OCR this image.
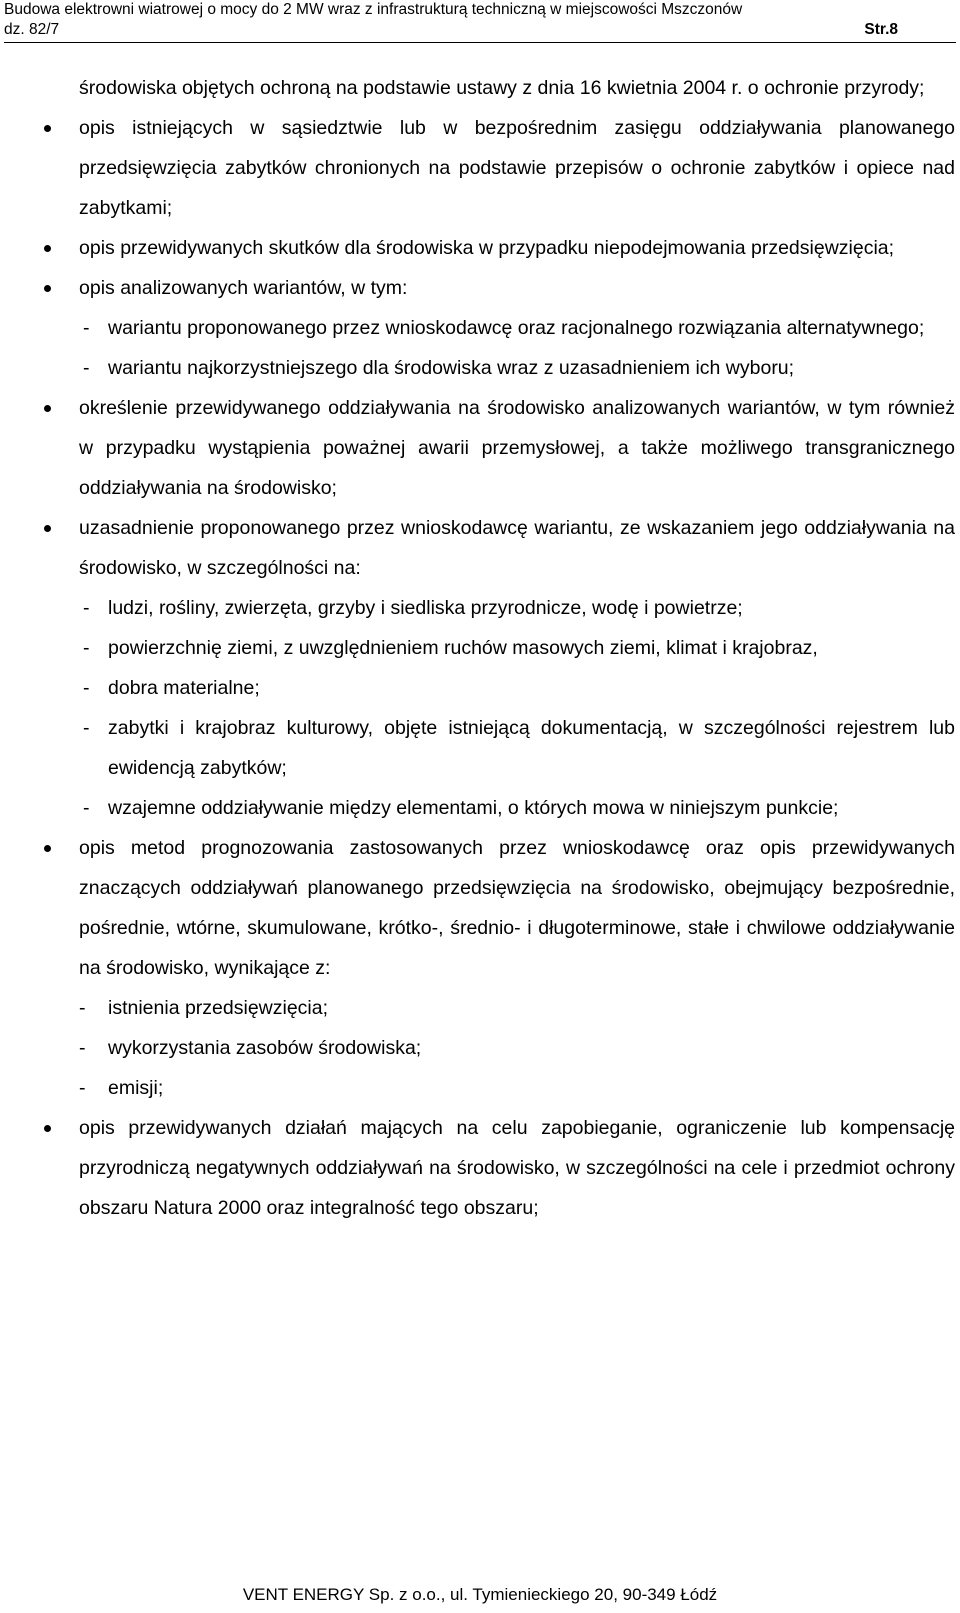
Budowa elektrowni wiatrowej o mocy do 2 MW wraz z infrastrukturą techniczną w miejscowości Mszczonów
dz. 82/7	Str.8
środowiska objętych ochroną na podstawie ustawy z dnia 16 kwietnia 2004 r. o ochronie przyrody;
opis istniejących w sąsiedztwie lub w bezpośrednim zasięgu oddziaływania planowanego przedsięwzięcia zabytków chronionych na podstawie przepisów o ochronie zabytków i opiece nad zabytkami;
opis przewidywanych skutków dla środowiska w przypadku niepodejmowania przedsięwzięcia;
opis analizowanych wariantów, w tym:
- wariantu proponowanego przez wnioskodawcę oraz racjonalnego rozwiązania alternatywnego;
- wariantu najkorzystniejszego dla środowiska wraz z uzasadnieniem ich wyboru;
określenie przewidywanego oddziaływania na środowisko analizowanych wariantów, w tym również w przypadku wystąpienia poważnej awarii przemysłowej, a także możliwego transgranicznego oddziaływania na środowisko;
uzasadnienie proponowanego przez wnioskodawcę wariantu, ze wskazaniem jego oddziaływania na środowisko, w szczególności na:
- ludzi, rośliny, zwierzęta, grzyby i siedliska przyrodnicze, wodę i powietrze;
- powierzchnię ziemi, z uwzględnieniem ruchów masowych ziemi, klimat i krajobraz,
- dobra materialne;
- zabytki i krajobraz kulturowy, objęte istniejącą dokumentacją, w szczególności rejestrem lub ewidencją zabytków;
- wzajemne oddziaływanie między elementami, o których mowa w niniejszym punkcie;
opis metod prognozowania zastosowanych przez wnioskodawcę oraz opis przewidywanych znaczących oddziaływań planowanego przedsięwzięcia na środowisko, obejmujący bezpośrednie, pośrednie, wtórne, skumulowane, krótko-, średnio- i długoterminowe, stałe i chwilowe oddziaływanie na środowisko, wynikające z:
- istnienia przedsięwzięcia;
- wykorzystania zasobów środowiska;
- emisji;
opis przewidywanych działań mających na celu zapobieganie, ograniczenie lub kompensację przyrodniczą negatywnych oddziaływań na środowisko, w szczególności na cele i przedmiot ochrony obszaru Natura 2000 oraz integralność tego obszaru;
VENT ENERGY Sp. z o.o., ul. Tymienieckiego 20, 90-349 Łódź
